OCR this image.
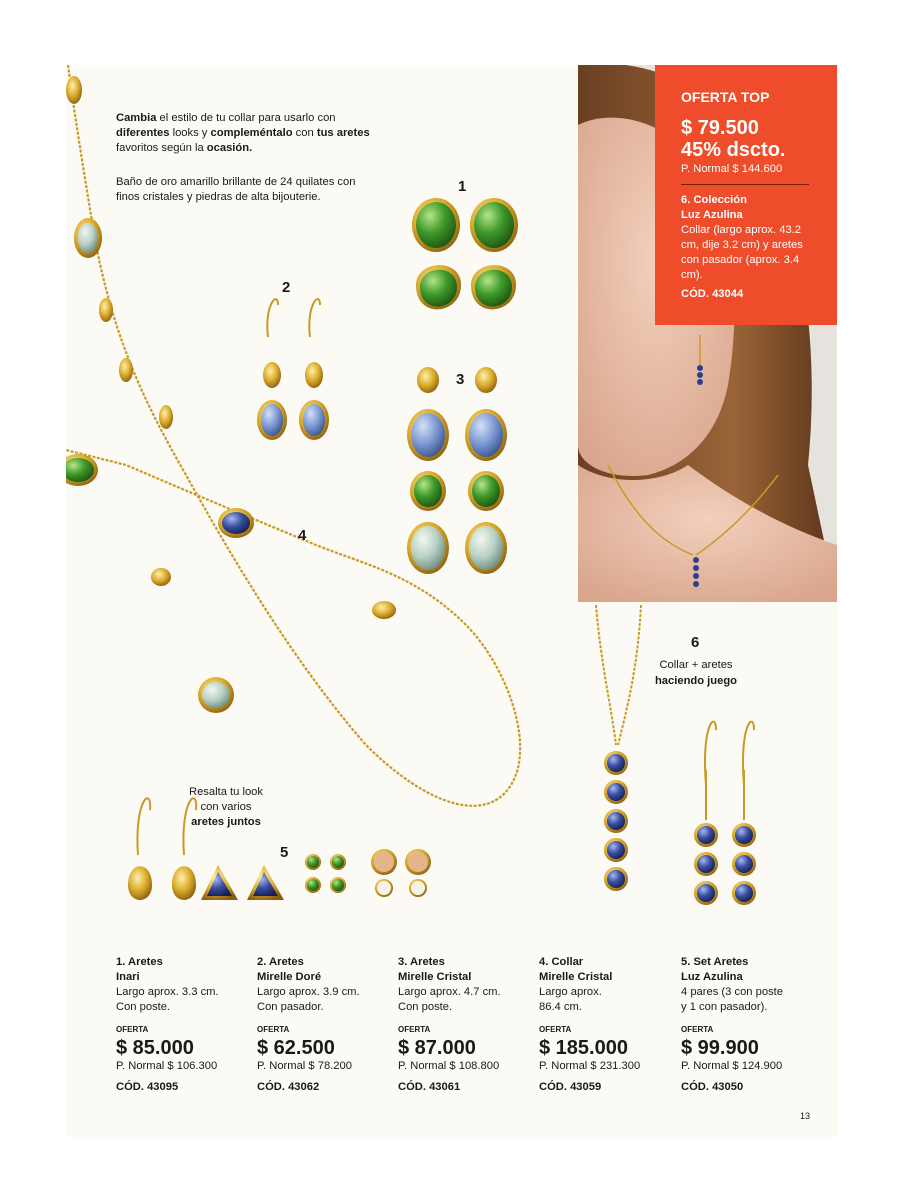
Cambia el estilo de tu collar para usarlo con diferentes looks y compleméntalo con tus aretes favoritos según la ocasión.
Baño de oro amarillo brillante de 24 quilates con finos cristales y piedras de alta bijouterie.
1
2
3
4
5
6
Collar + aretes
haciendo juego
Resalta tu look
con varios
aretes juntos
OFERTA TOP
$ 79.500
45% dscto.
P. Normal $ 144.600
6. Colección
Luz Azulina
Collar (largo aprox. 43.2 cm, dije 3.2 cm) y aretes con pasador (aprox. 3.4 cm).
CÓD. 43044
1. Aretes
Inari
Largo aprox. 3.3 cm.
Con poste.
OFERTA
$ 85.000
P. Normal $ 106.300
CÓD. 43095
2. Aretes
Mirelle Doré
Largo aprox. 3.9 cm.
Con pasador.
OFERTA
$ 62.500
P. Normal $ 78.200
CÓD. 43062
3. Aretes
Mirelle Cristal
Largo aprox. 4.7 cm.
Con poste.
OFERTA
$ 87.000
P. Normal $ 108.800
CÓD. 43061
4. Collar
Mirelle Cristal
Largo aprox.
86.4 cm.
OFERTA
$ 185.000
P. Normal $ 231.300
CÓD. 43059
5. Set Aretes
Luz Azulina
4 pares (3 con poste
y 1 con pasador).
OFERTA
$ 99.900
P. Normal $ 124.900
CÓD. 43050
13
